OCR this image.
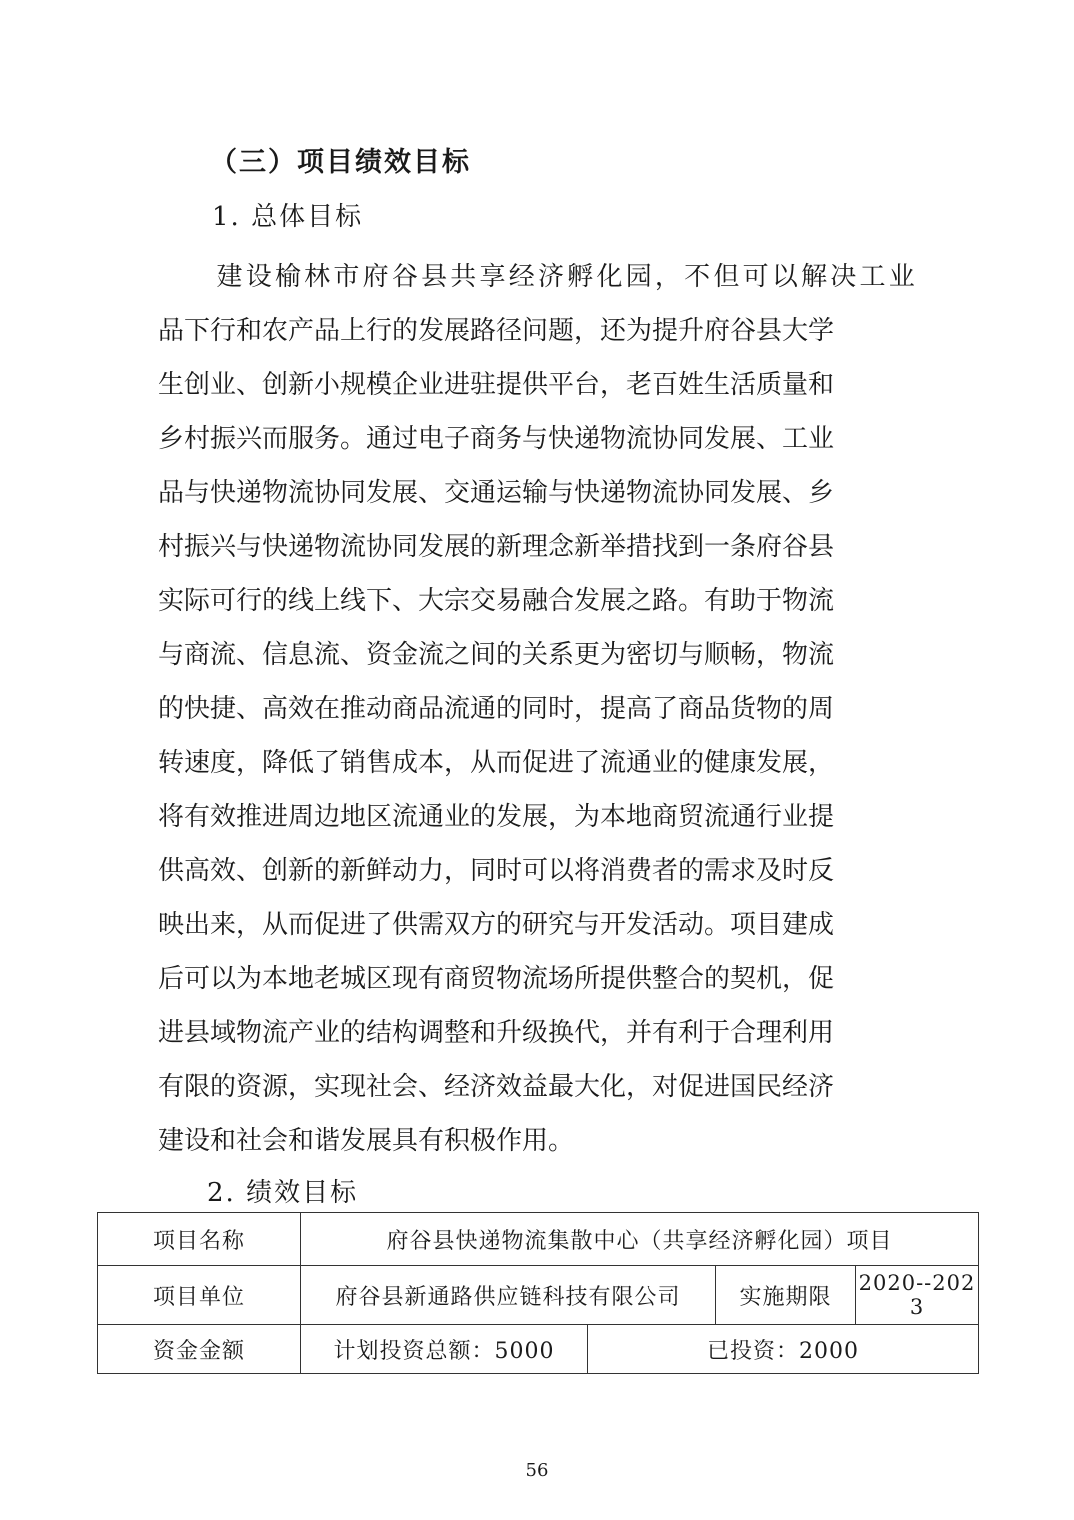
（三）项目绩效目标
1. 总体目标
　　建设榆林市府谷县共享经济孵化园，不但可以解决工业
品下行和农产品上行的发展路径问题，还为提升府谷县大学
生创业、创新小规模企业进驻提供平台，老百姓生活质量和
乡村振兴而服务。通过电子商务与快递物流协同发展、工业
品与快递物流协同发展、交通运输与快递物流协同发展、乡
村振兴与快递物流协同发展的新理念新举措找到一条府谷县
实际可行的线上线下、大宗交易融合发展之路。有助于物流
与商流、信息流、资金流之间的关系更为密切与顺畅，物流
的快捷、高效在推动商品流通的同时，提高了商品货物的周
转速度，降低了销售成本，从而促进了流通业的健康发展，
将有效推进周边地区流通业的发展，为本地商贸流通行业提
供高效、创新的新鲜动力，同时可以将消费者的需求及时反
映出来，从而促进了供需双方的研究与开发活动。项目建成
后可以为本地老城区现有商贸物流场所提供整合的契机，促
进县域物流产业的结构调整和升级换代，并有利于合理利用
有限的资源，实现社会、经济效益最大化，对促进国民经济
建设和社会和谐发展具有积极作用。
2. 绩效目标
项目名称	府谷县快递物流集散中心（共享经济孵化园）项目			
项目单位	府谷县新通路供应链科技有限公司		实施期限	2020--2023
资金金额	计划投资总额：5000	已投资：2000		
56
